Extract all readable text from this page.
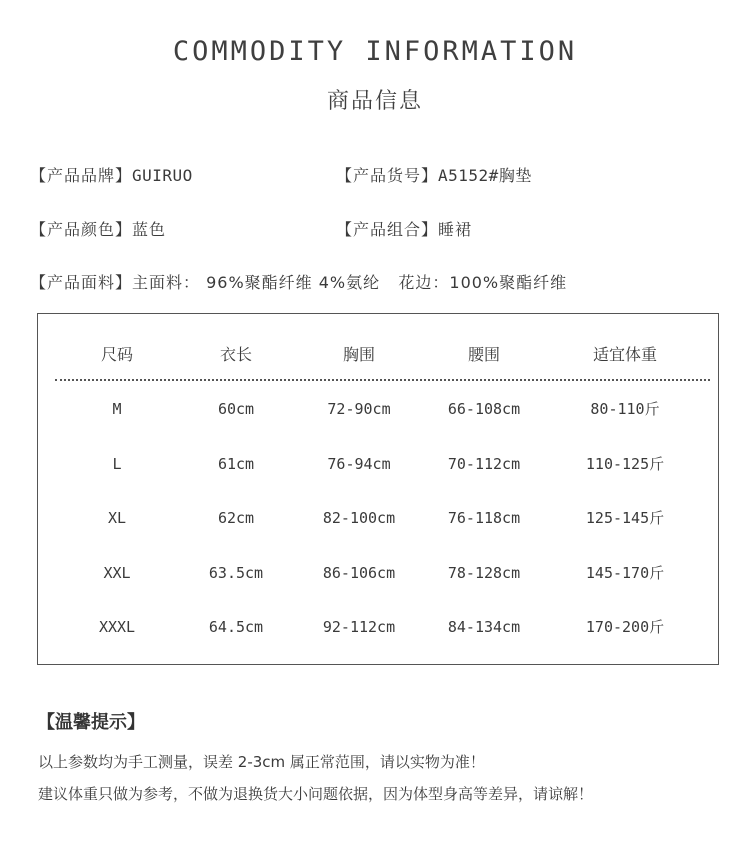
COMMODITY INFORMATION
商品信息
【产品品牌】GUIRUO	【产品货号】A5152#胸垫
【产品颜色】蓝色	【产品组合】睡裙
【产品面料】主面料： 96%聚酯纤维 4%氨纶   花边：100%聚酯纤维
尺码	衣长	胸围	腰围	适宜体重
M	60cm	72-90cm	66-108cm	80-110斤
L	61cm	76-94cm	70-112cm	110-125斤
XL	62cm	82-100cm	76-118cm	125-145斤
XXL	63.5cm	86-106cm	78-128cm	145-170斤
XXXL	64.5cm	92-112cm	84-134cm	170-200斤
【温馨提示】
以上参数均为手工测量，误差 2-3cm 属正常范围，请以实物为准！
建议体重只做为参考，不做为退换货大小问题依据，因为体型身高等差异，请谅解！
